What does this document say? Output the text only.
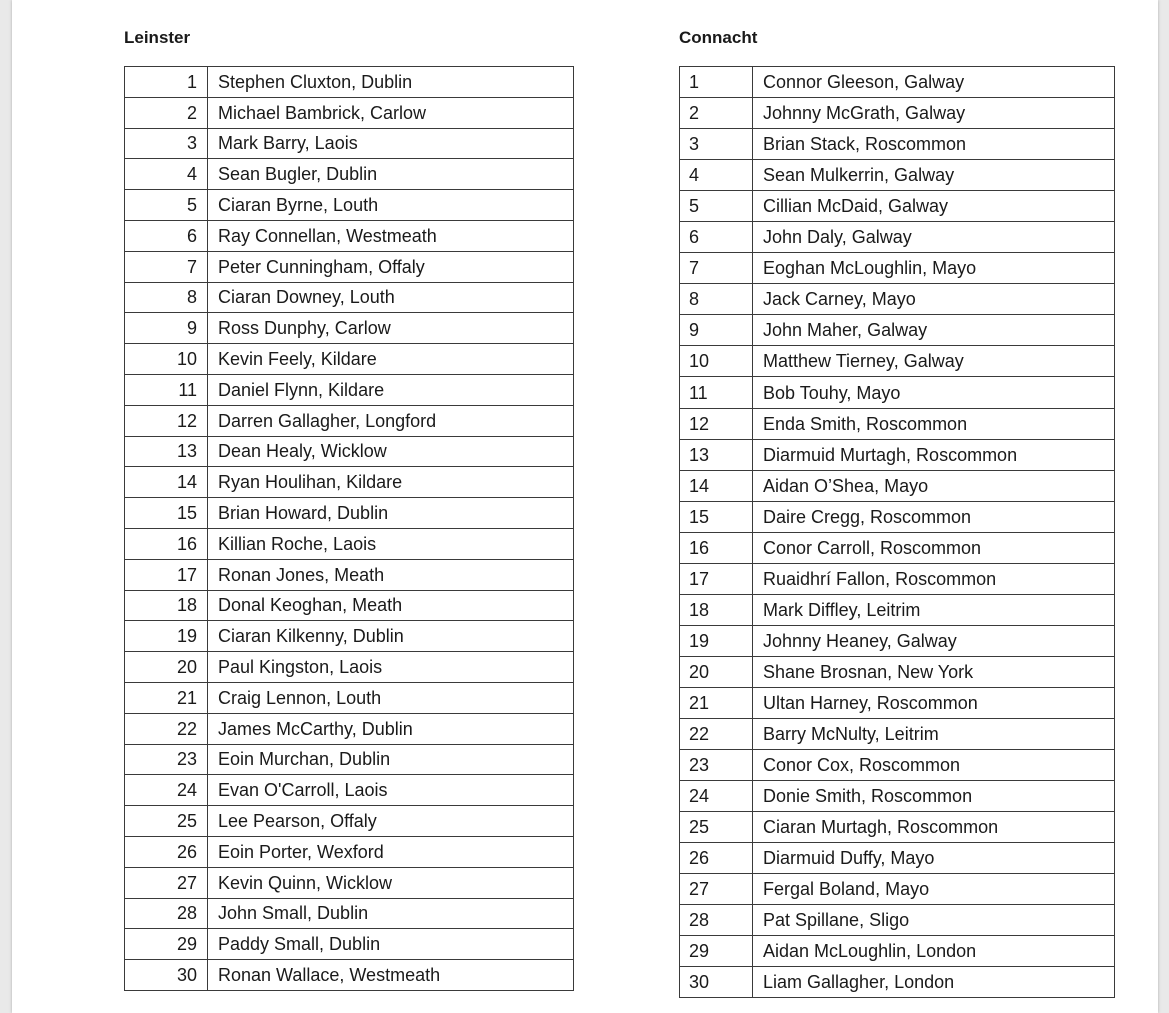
Leinster
1	Stephen Cluxton, Dublin
2	Michael Bambrick, Carlow
3	Mark Barry, Laois
4	Sean Bugler, Dublin
5	Ciaran Byrne, Louth
6	Ray Connellan, Westmeath
7	Peter Cunningham, Offaly
8	Ciaran Downey, Louth
9	Ross Dunphy, Carlow
10	Kevin Feely, Kildare
11	Daniel Flynn, Kildare
12	Darren Gallagher, Longford
13	Dean Healy, Wicklow
14	Ryan Houlihan, Kildare
15	Brian Howard, Dublin
16	Killian Roche, Laois
17	Ronan Jones, Meath
18	Donal Keoghan, Meath
19	Ciaran Kilkenny, Dublin
20	Paul Kingston, Laois
21	Craig Lennon, Louth
22	James McCarthy, Dublin
23	Eoin Murchan, Dublin
24	Evan O'Carroll, Laois
25	Lee Pearson, Offaly
26	Eoin Porter, Wexford
27	Kevin Quinn, Wicklow
28	John Small, Dublin
29	Paddy Small, Dublin
30	Ronan Wallace, Westmeath
Connacht
1	Connor Gleeson, Galway
2	Johnny McGrath, Galway
3	Brian Stack, Roscommon
4	Sean Mulkerrin, Galway
5	Cillian McDaid, Galway
6	John Daly, Galway
7	Eoghan McLoughlin, Mayo
8	Jack Carney, Mayo
9	John Maher, Galway
10	Matthew Tierney, Galway
11	Bob Touhy, Mayo
12	Enda Smith, Roscommon
13	Diarmuid Murtagh, Roscommon
14	Aidan O’Shea, Mayo
15	Daire Cregg, Roscommon
16	Conor Carroll, Roscommon
17	Ruaidhrí Fallon, Roscommon
18	Mark Diffley, Leitrim
19	Johnny Heaney, Galway
20	Shane Brosnan, New York
21	Ultan Harney, Roscommon
22	Barry McNulty, Leitrim
23	Conor Cox, Roscommon
24	Donie Smith, Roscommon
25	Ciaran Murtagh, Roscommon
26	Diarmuid Duffy, Mayo
27	Fergal Boland, Mayo
28	Pat Spillane, Sligo
29	Aidan McLoughlin, London
30	Liam Gallagher, London
